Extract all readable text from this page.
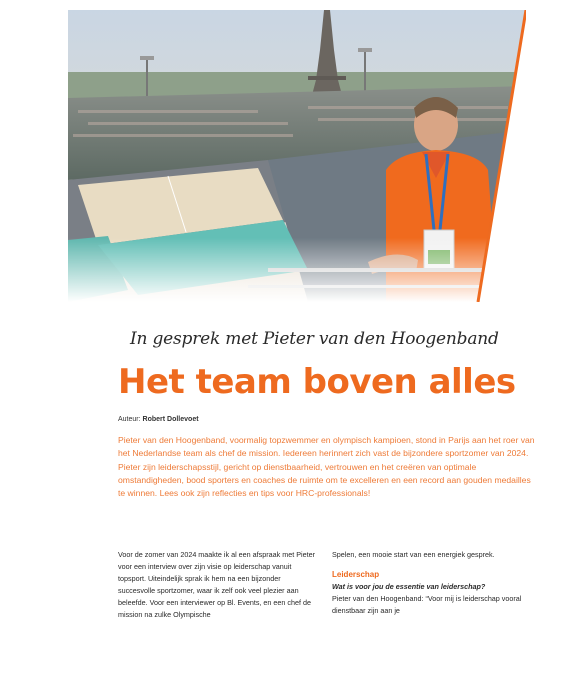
In gesprek met Pieter van den Hoogenband
Het team boven alles
Auteur: Robert Dollevoet

Pieter van den Hoogenband, voormalig topzwemmer en olympisch kampioen, stond in Parijs aan het roer van het Nederlandse team als chef de mission. Iedereen herinnert zich vast de bijzondere sportzomer van 2024. Pieter zijn leiderschapsstijl, gericht op dienstbaarheid, vertrouwen en het creëren van optimale omstandigheden, bood sporters en coaches de ruimte om te excelleren en een record aan gouden medailles te winnen. Lees ook zijn reflecties en tips voor HRC-professionals!

Voor de zomer van 2024 maakte ik al een afspraak met Pieter voor een interview over zijn visie op leiderschap vanuit topsport. Uiteindelijk sprak ik hem na een bijzonder succesvolle sportzomer, waar ik zelf ook veel plezier aan beleefde. Voor een interviewer op Bl. Events, en een chef de mission na zulke Olympische

Spelen, een mooie start van een energiek gesprek.

Leiderschap

Wat is voor jou de essentie van leiderschap?

Pieter van den Hoogenband: “Voor mij is leiderschap vooral dienstbaar zijn aan je
